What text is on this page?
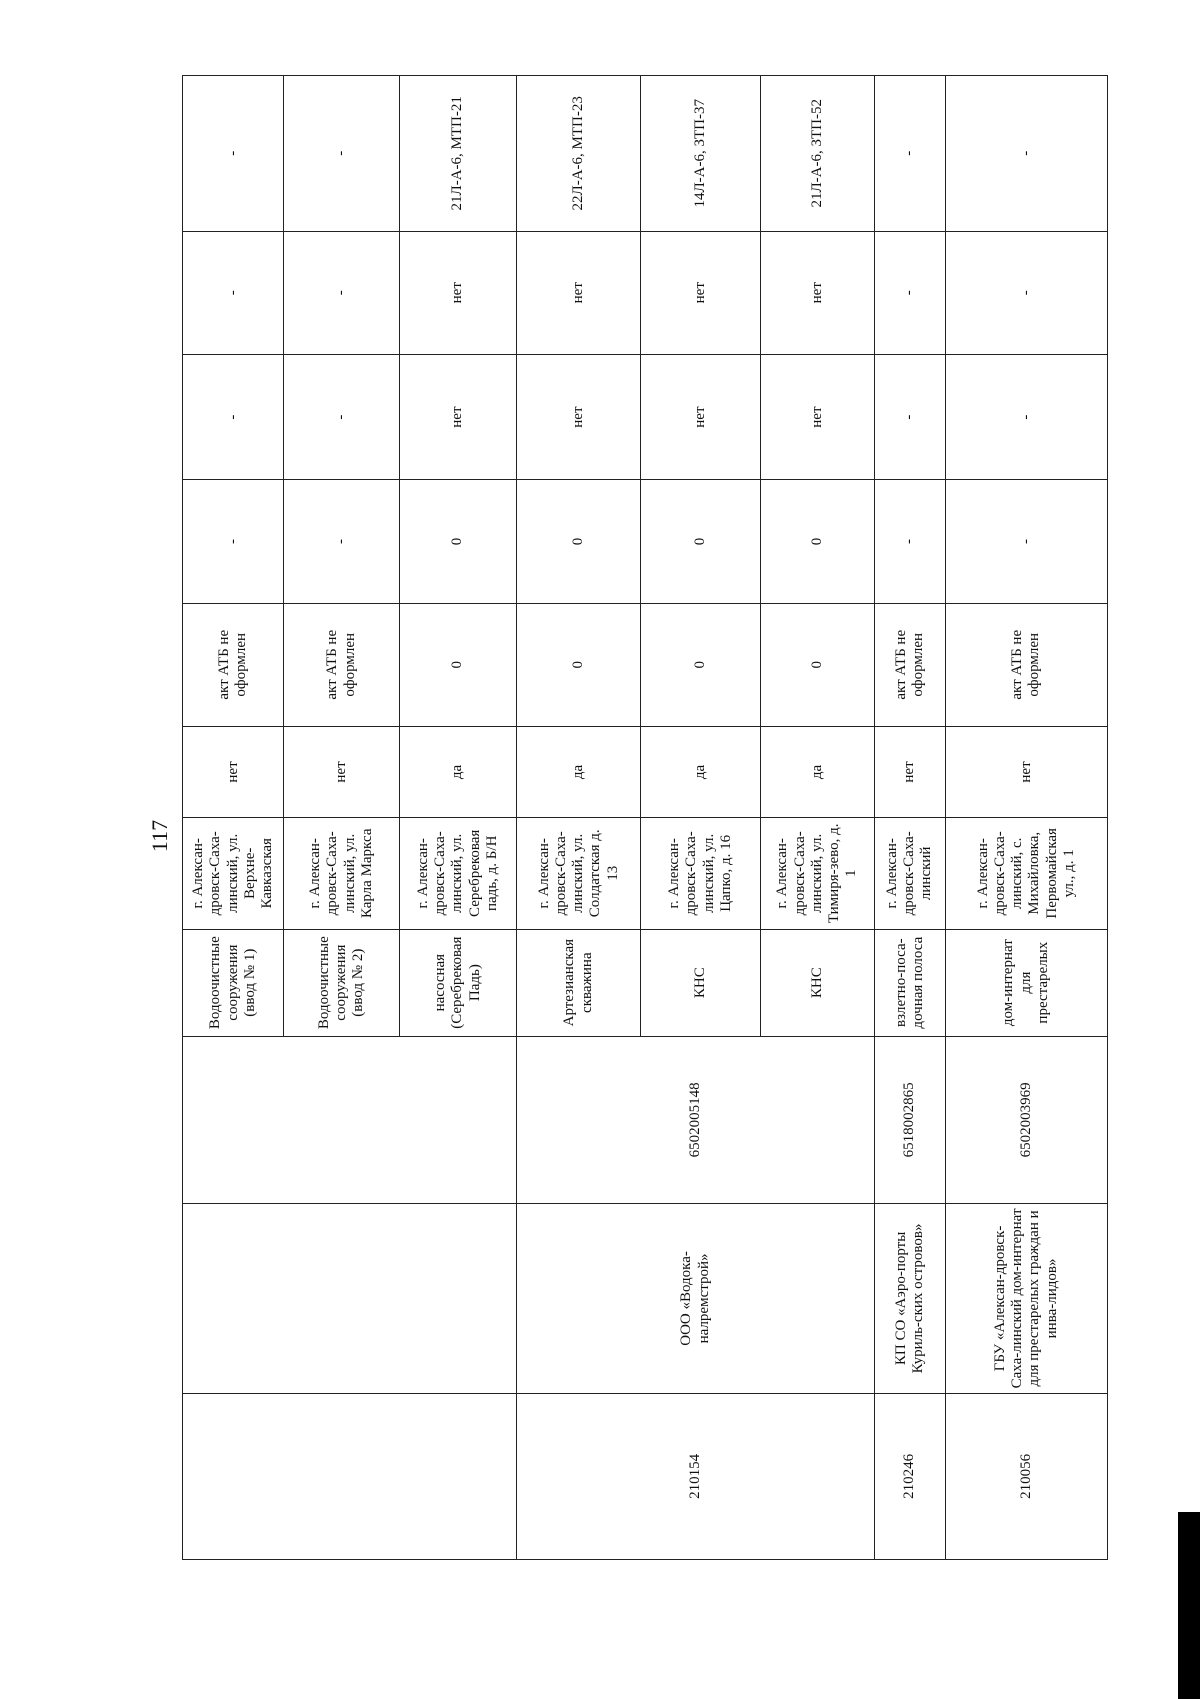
117
			Водоочистные сооружения (ввод № 1)	г. Алексан-дровск-Саха-линский, ул. Верхне-Кавказская	нет	акт АТБ не оформлен	-	-	-	-
			Водоочистные сооружения (ввод № 2)	г. Алексан-дровск-Саха-линский, ул. Карла Маркса	нет	акт АТБ не оформлен	-	-	-	-
			насосная (Серебрековая Падь)	г. Алексан-дровск-Саха-линский, ул. Серебрековая падь, д. Б/Н	да	0	0	нет	нет	21Л-А-6, МТП-21
210154	ООО «Водока-налремстрой»	6502005148	Артезианская скважина	г. Алексан-дровск-Саха-линский, ул. Солдатская д. 13	да	0	0	нет	нет	22Л-А-6, МТП-23
			КНС	г. Алексан-дровск-Саха-линский, ул. Цапко, д. 16	да	0	0	нет	нет	14Л-А-6, ЗТП-37
			КНС	г. Алексан-дровск-Саха-линский, ул. Тимиря-зево, д. 1	да	0	0	нет	нет	21Л-А-6, ЗТП-52
210246	КП СО «Аэро-порты Куриль-ских островов»	6518002865	взлетно-поса-дочная полоса	г. Алексан-дровск-Саха-линский	нет	акт АТБ не оформлен	-	-	-	-
210056	ГБУ «Алексан-дровск-Саха-линский дом-интернат для престарелых граждан и инва-лидов»	6502003969	дом-интернат для престарелых	г. Алексан-дровск-Саха-линский, с. Михайловка, Первомайская ул., д. 1	нет	акт АТБ не оформлен	-	-	-	-
